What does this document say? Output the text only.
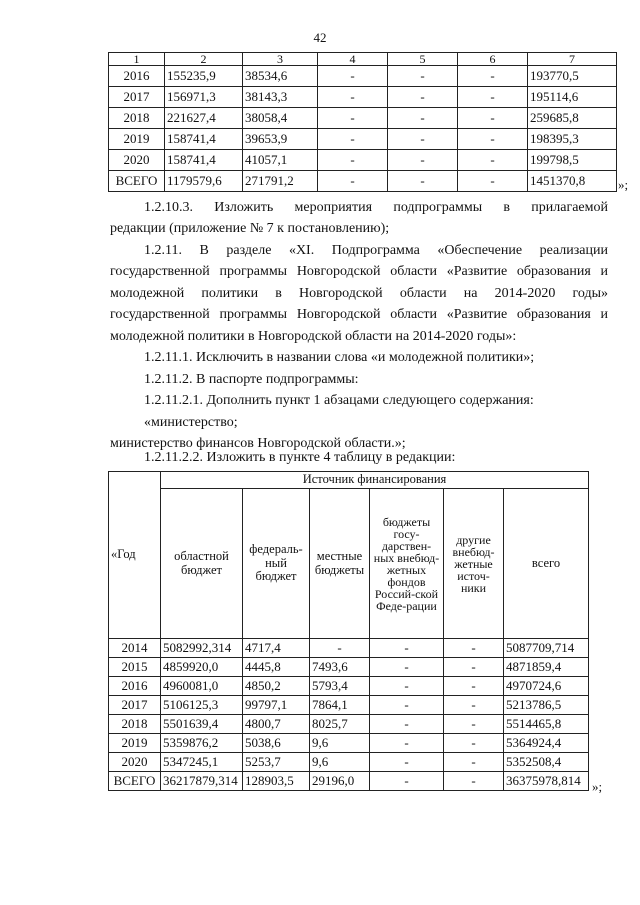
42
1	2	3	4	5	6	7
2016	155235,9	38534,6	-	-	-	193770,5
2017	156971,3	38143,3	-	-	-	195114,6
2018	221627,4	38058,4	-	-	-	259685,8
2019	158741,4	39653,9	-	-	-	198395,3
2020	158741,4	41057,1	-	-	-	199798,5
ВСЕГО	1179579,6	271791,2	-	-	-	1451370,8	»;

1.2.10.3. Изложить мероприятия подпрограммы в прилагаемой

редакции (приложение № 7 к постановлению);

1.2.11. В разделе «XI. Подпрограмма «Обеспечение реализации

государственной программы Новгородской области «Развитие образования и

молодежной политики в Новгородской области на 2014-2020 годы»

государственной программы Новгородской области «Развитие образования и

молодежной политики в Новгородской области на 2014-2020 годы»:

1.2.11.1. Исключить в названии слова «и молодежной политики»;

1.2.11.2. В паспорте подпрограммы:

1.2.11.2.1. Дополнить пункт 1 абзацами следующего содержания:

«министерство;

министерство финансов Новгородской области.»;

1.2.11.2.2. Изложить в пункте 4 таблицу в редакции:

«Год	Источник финансирования					
	областной бюджет	федераль-ный бюджет	местные бюджеты	бюджеты госу-дарствен-ных внебюд-жетных фондов Россий-ской Феде-рации	другие внебюд-жетные источ-ники	всего
2014	5082992,314	4717,4	-	-	-	5087709,714
2015	4859920,0	4445,8	7493,6	-	-	4871859,4
2016	4960081,0	4850,2	5793,4	-	-	4970724,6
2017	5106125,3	99797,1	7864,1	-	-	5213786,5
2018	5501639,4	4800,7	8025,7	-	-	5514465,8
2019	5359876,2	5038,6	9,6	-	-	5364924,4
2020	5347245,1	5253,7	9,6	-	-	5352508,4
ВСЕГО	36217879,314	128903,5	29196,0	-	-	36375978,814 »;
